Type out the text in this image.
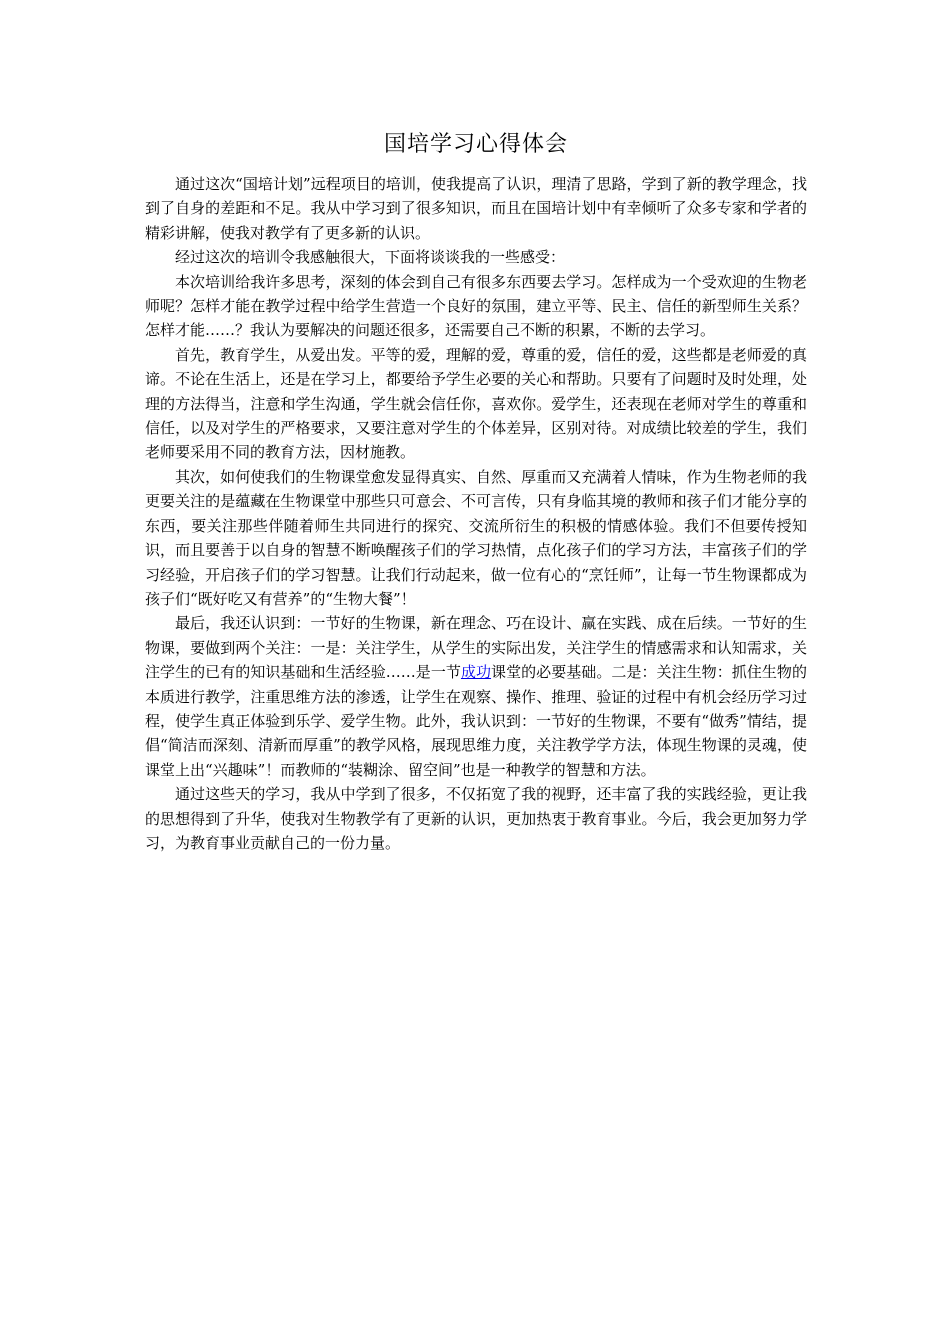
国培学习心得体会

通过这次“国培计划”远程项目的培训，使我提高了认识，理清了思路，学到了新的教学理念，找到了自身的差距和不足。我从中学习到了很多知识，而且在国培计划中有幸倾听了众多专家和学者的精彩讲解，使我对教学有了更多新的认识。

经过这次的培训令我感触很大，下面将谈谈我的一些感受：

本次培训给我许多思考，深刻的体会到自己有很多东西要去学习。怎样成为一个受欢迎的生物老师呢？怎样才能在教学过程中给学生营造一个良好的氛围，建立平等、民主、信任的新型师生关系？怎样才能……？我认为要解决的问题还很多，还需要自己不断的积累，不断的去学习。

首先，教育学生，从爱出发。平等的爱，理解的爱，尊重的爱，信任的爱，这些都是老师爱的真谛。不论在生活上，还是在学习上，都要给予学生必要的关心和帮助。只要有了问题时及时处理，处理的方法得当，注意和学生沟通，学生就会信任你，喜欢你。爱学生，还表现在老师对学生的尊重和信任，以及对学生的严格要求，又要注意对学生的个体差异，区别对待。对成绩比较差的学生，我们老师要采用不同的教育方法，因材施教。

其次，如何使我们的生物课堂愈发显得真实、自然、厚重而又充满着人情味，作为生物老师的我更要关注的是蕴藏在生物课堂中那些只可意会、不可言传，只有身临其境的教师和孩子们才能分享的东西，要关注那些伴随着师生共同进行的探究、交流所衍生的积极的情感体验。我们不但要传授知识，而且要善于以自身的智慧不断唤醒孩子们的学习热情，点化孩子们的学习方法，丰富孩子们的学习经验，开启孩子们的学习智慧。让我们行动起来，做一位有心的“烹饪师”，让每一节生物课都成为孩子们“既好吃又有营养”的“生物大餐”！

最后，我还认识到：一节好的生物课，新在理念、巧在设计、赢在实践、成在后续。一节好的生物课，要做到两个关注：一是：关注学生，从学生的实际出发，关注学生的情感需求和认知需求，关注学生的已有的知识基础和生活经验……是一节成功课堂的必要基础。二是：关注生物：抓住生物的本质进行教学，注重思维方法的渗透，让学生在观察、操作、推理、验证的过程中有机会经历学习过程，使学生真正体验到乐学、爱学生物。此外，我认识到：一节好的生物课，不要有“做秀”情结，提倡“简洁而深刻、清新而厚重”的教学风格，展现思维力度，关注教学学方法，体现生物课的灵魂，使课堂上出“兴趣味”！而教师的“装糊涂、留空间”也是一种教学的智慧和方法。

通过这些天的学习，我从中学到了很多，不仅拓宽了我的视野，还丰富了我的实践经验，更让我的思想得到了升华，使我对生物教学有了更新的认识，更加热衷于教育事业。今后，我会更加努力学习，为教育事业贡献自己的一份力量。
